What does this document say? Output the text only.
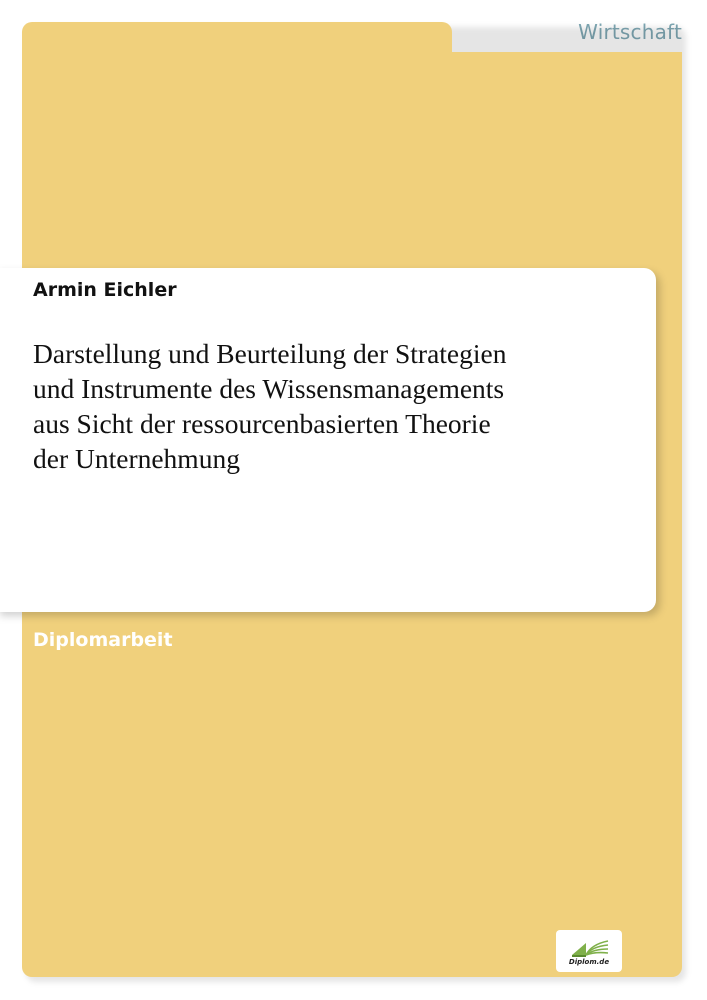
Wirtschaft
Armin Eichler
Darstellung und Beurteilung der Strategien
und Instrumente des Wissensmanagements
aus Sicht der ressourcenbasierten Theorie
der Unternehmung
Diplomarbeit
Diplom.de
